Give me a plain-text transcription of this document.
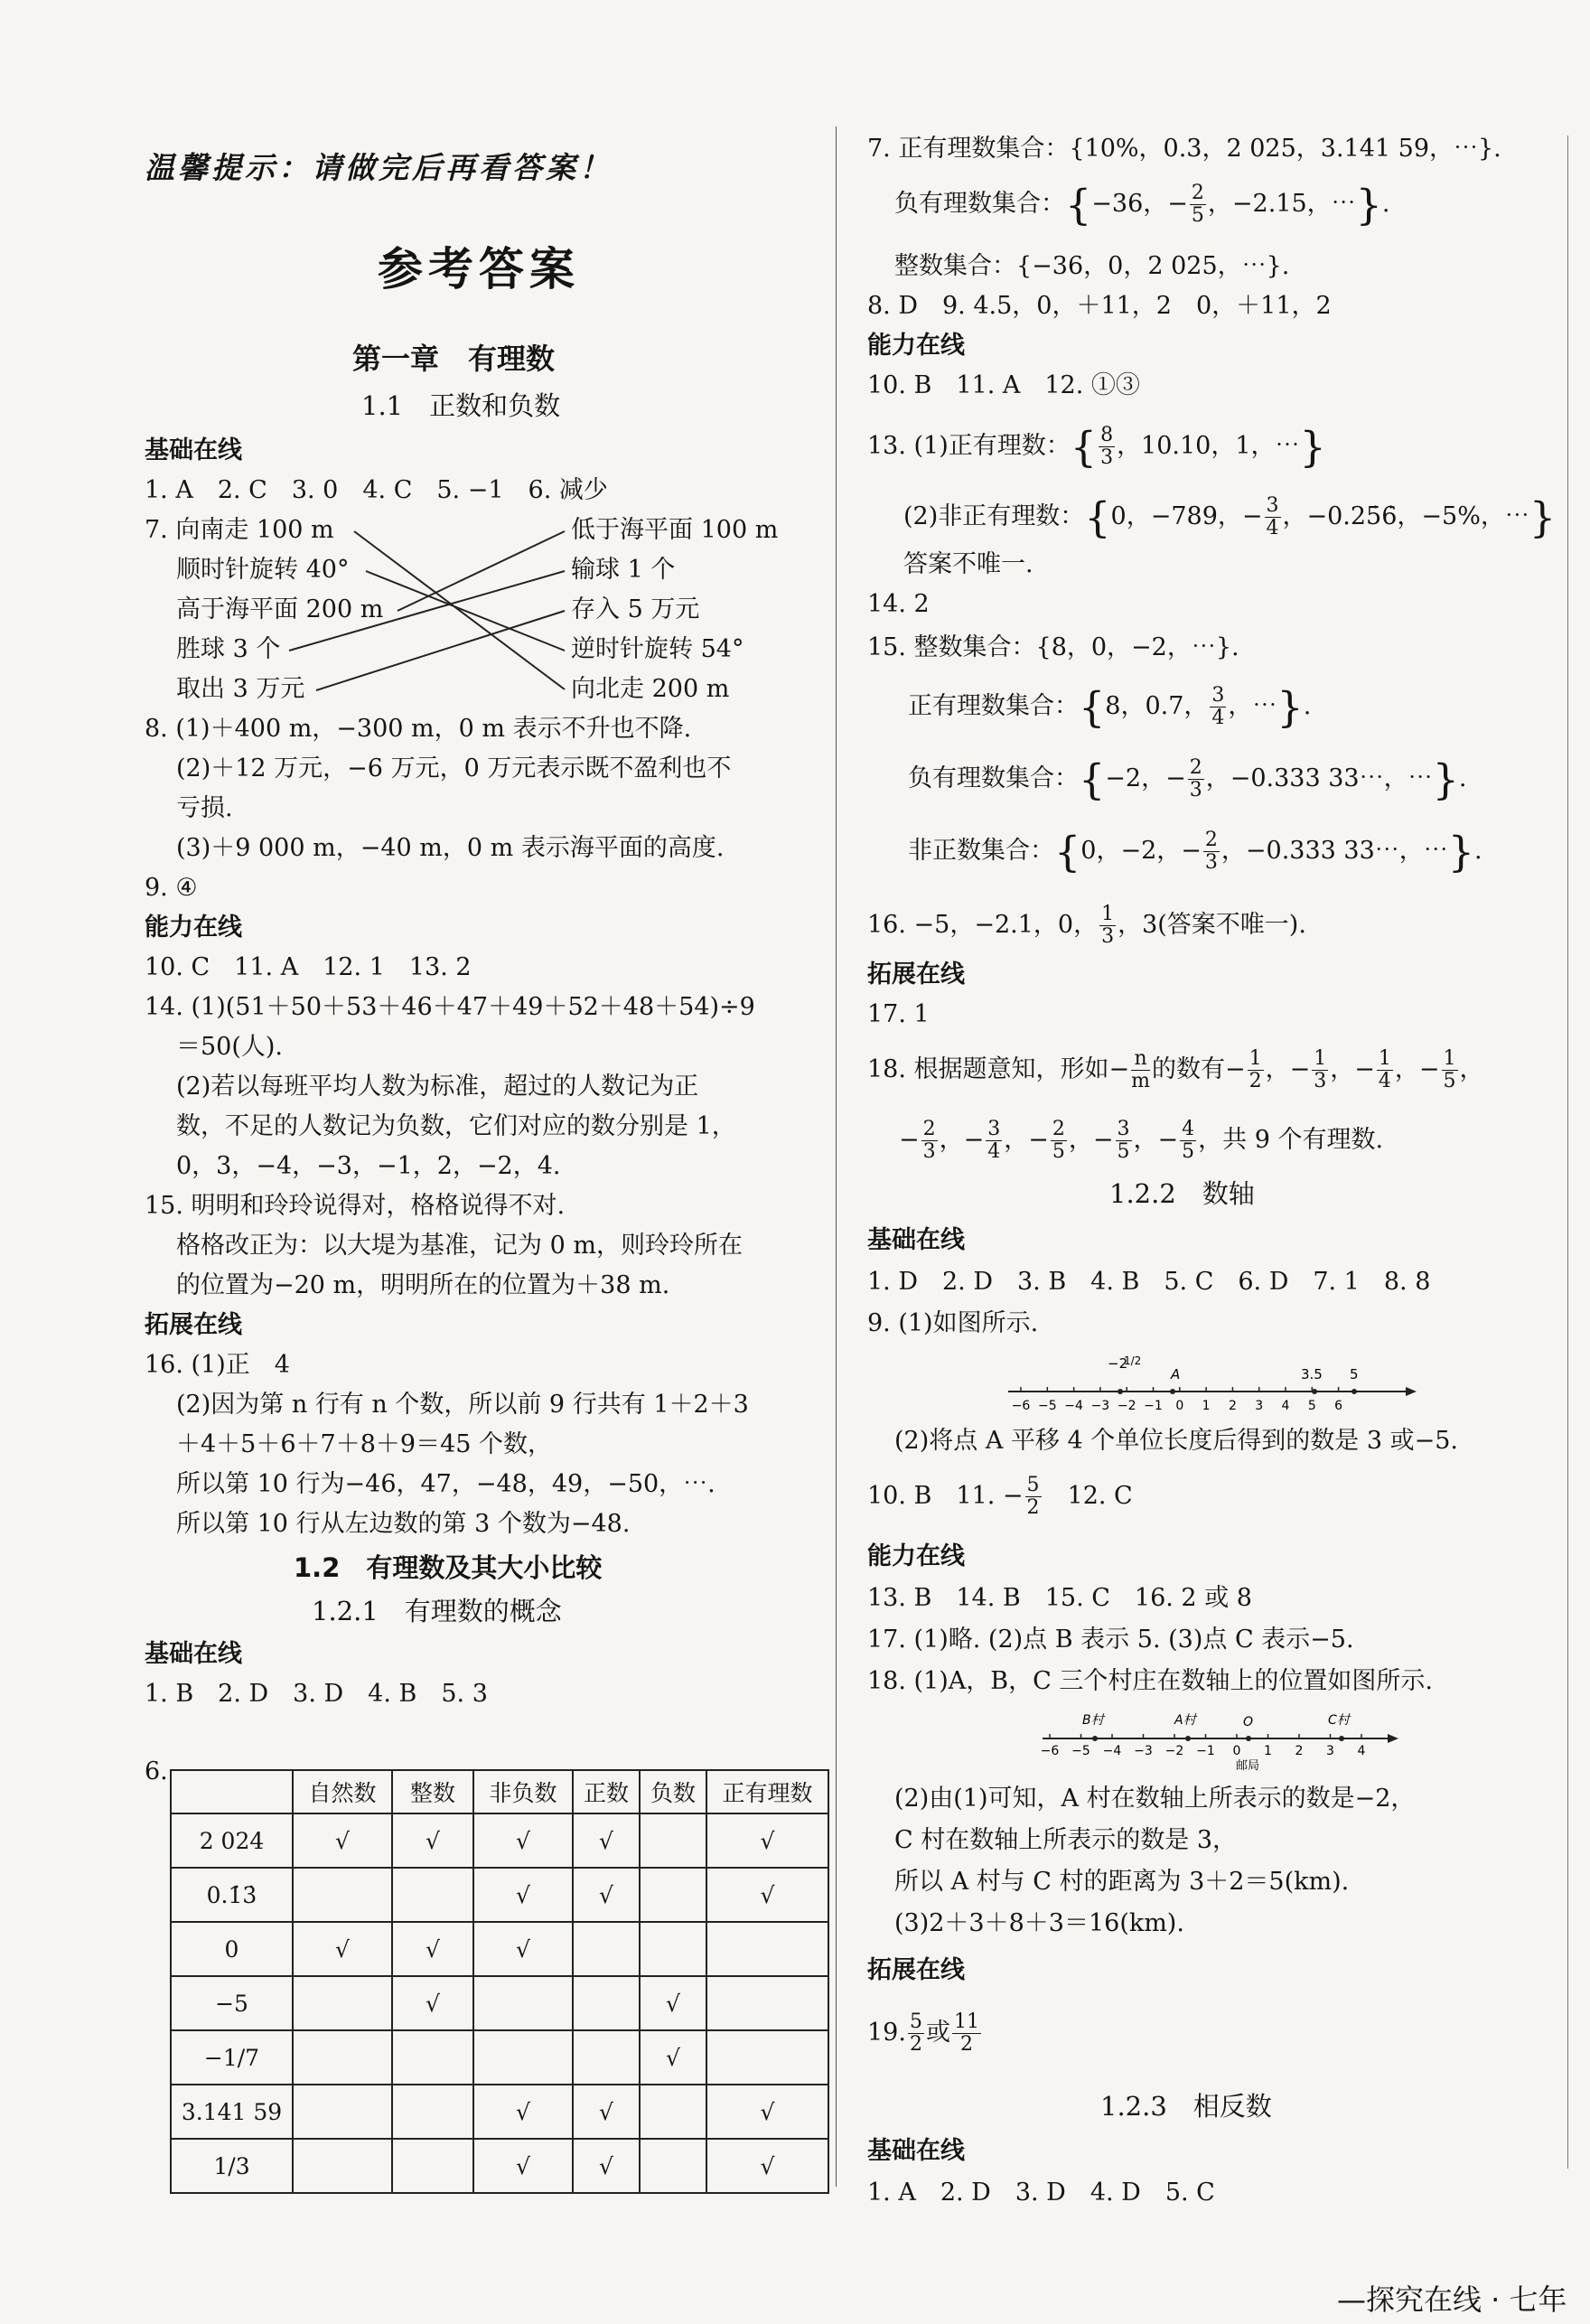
温馨提示：请做完后再看答案！
参考答案
第一章　有理数
1.1　正数和负数
基础在线
1. A　2. C　3. 0　4. C　5. −1　6. 减少
7. 向南走 100 m
顺时针旋转 40°
高于海平面 200 m
胜球 3 个
取出 3 万元
低于海平面 100 m
输球 1 个
存入 5 万元
逆时针旋转 54°
向北走 200 m
8. (1)＋400 m，−300 m，0 m 表示不升也不降.
(2)＋12 万元，−6 万元，0 万元表示既不盈利也不
亏损.
(3)＋9 000 m，−40 m，0 m 表示海平面的高度.
9. ④
能力在线
10. C　11. A　12. 1　13. 2
14. (1)(51＋50＋53＋46＋47＋49＋52＋48＋54)÷9
＝50(人).
(2)若以每班平均人数为标准，超过的人数记为正
数，不足的人数记为负数，它们对应的数分别是 1，
0，3，−4，−3，−1，2，−2，4.
15. 明明和玲玲说得对，格格说得不对.
格格改正为：以大堤为基准，记为 0 m，则玲玲所在
的位置为−20 m，明明所在的位置为＋38 m.
拓展在线
16. (1)正　4
(2)因为第 n 行有 n 个数，所以前 9 行共有 1＋2＋3
＋4＋5＋6＋7＋8＋9＝45 个数，
所以第 10 行为−46，47，−48，49，−50，⋯.
所以第 10 行从左边数的第 3 个数为−48.
1.2　有理数及其大小比较
1.2.1　有理数的概念
基础在线
1. B　2. D　3. D　4. B　5. 3
6.
	自然数	整数	非负数	正数	负数	正有理数
2 024	√	√	√	√		√
0.1̇3̇			√	√		√
0	√	√	√			
−5		√			√	
−1/7					√	
3.141 59			√	√		√
1/3			√	√		√
7. 正有理数集合：{10%，0.3，2 025，3.141 59，⋯}.
负有理数集合：{−36，− $\frac{2}{5}$ ，−2.15，⋯}.
整数集合：{−36，0，2 025，⋯}.
8. D　9. 4.5，0，＋11，2　0，＋11，2
能力在线
10. B　11. A　12. ①③
13. (1)正有理数：{ $\frac{8}{3}$ ，10.10，1，⋯}
(2)非正有理数：{0，−789，− $\frac{3}{4}$ ，−0.25̇6̇，−5%，⋯}
答案不唯一.
14. 2
15. 整数集合：{8，0，−2，⋯}.
正有理数集合：{8，0.7， $\frac{3}{4}$ ，⋯}.
负有理数集合：{−2，− $\frac{2}{3}$ ，−0.333 33⋯，⋯}.
非正数集合：{0，−2，− $\frac{2}{3}$ ，−0.333 33⋯，⋯}.
16. −5，−2.1，0， $\frac{1}{3}$ ，3(答案不唯一).
拓展在线
17. 1
18. 根据题意知，形如− $\frac{n}{m}$ 的数有− $\frac{1}{2}$ ，− $\frac{1}{3}$ ，− $\frac{1}{4}$ ，− $\frac{1}{5}$ ，
− $\frac{2}{3}$ ，− $\frac{3}{4}$ ，− $\frac{2}{5}$ ，− $\frac{3}{5}$ ，− $\frac{4}{5}$ ，共 9 个有理数.
1.2.2　数轴
基础在线
1. D　2. D　3. B　4. B　5. C　6. D　7. 1　8. 8
9. (1)如图所示.
−6 −5 −4 −3 −2 −1 0 1 2 3 4 5 6
−2
1/2
A	3.5 5
(2)将点 A 平移 4 个单位长度后得到的数是 3 或−5.
10. B　11. − $\frac{5}{2}$ 　12. C
能力在线
13. B　14. B　15. C　16. 2 或 8
17. (1)略. (2)点 B 表示 5. (3)点 C 表示−5.
18. (1)A，B，C 三个村庄在数轴上的位置如图所示.
−6 −5 −4 −3 −2 −1 0 1 2 3 4
B村	A村	O	C村
邮局
(2)由(1)可知，A 村在数轴上所表示的数是−2，
C 村在数轴上所表示的数是 3，
所以 A 村与 C 村的距离为 3＋2＝5(km).
(3)2＋3＋8＋3＝16(km).
拓展在线
19. $\frac{5}{2}$ 或 $\frac{11}{2}$
1.2.3　相反数
基础在线
1. A　2. D　3. D　4. D　5. C
—探究在线 · 七年
